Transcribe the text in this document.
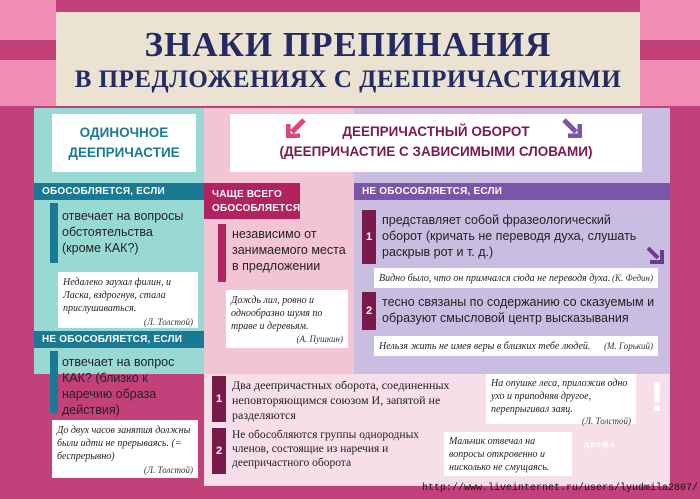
ЗНАКИ ПРЕПИНАНИЯ
В ПРЕДЛОЖЕНИЯХ С ДЕЕПРИЧАСТИЯМИ
ОДИНОЧНОЕ
ДЕЕПРИЧАСТИЕ
ДЕЕПРИЧАСТНЫЙ ОБОРОТ
(ДЕЕПРИЧАСТИЕ С ЗАВИСИМЫМИ СЛОВАМИ)
ОБОСОБЛЯЕТСЯ, ЕСЛИ
отвечает на вопросы обстоятельства (кроме КАК?)
Недалеко заухал филин, и Ласка, вздрогнув, стала прислушиваться.
(Л. Толстой)
НЕ ОБОСОБЛЯЕТСЯ, ЕСЛИ
отвечает на вопрос КАК? (близко к наречию образа действия)
До двух часов занятия должны были идти не прерываясь. (= беспрерывно)
(Л. Толстой)
ЧАЩЕ ВСЕГО
ОБОСОБЛЯЕТСЯ
независимо от занимаемого места в предложении
Дождь лил, ровно и однообразно шумя по траве и деревьям.
(А. Пушкин)
НЕ ОБОСОБЛЯЕТСЯ, ЕСЛИ
1
представляет собой фразеологический оборот (кричать не переводя духа, слушать раскрыв рот и т. д.)
Видно было, что он примчался сюда не переводя духа. (К. Федин)
2
тесно связаны по содержанию со сказуемым и образуют смысловой центр высказывания
Нельзя жить не имея веры в близких тебе людей. (М. Горький)
1
Два деепричастных оборота, соединенных неповторяющимся союзом И, запятой не разделяются
На опушке леса, приложив одно ухо и приподняв другое, перепрыгивал заяц.
(Л. Толстой)
!
2
Не обособляются группы однородных членов, состоящие из наречия и деепричастного оборота
Мальчик отвечал на вопросы откровенно и нисколько не смущаясь.
дрофа
http://www.liveinternet.ru/users/lyudmila2807/
